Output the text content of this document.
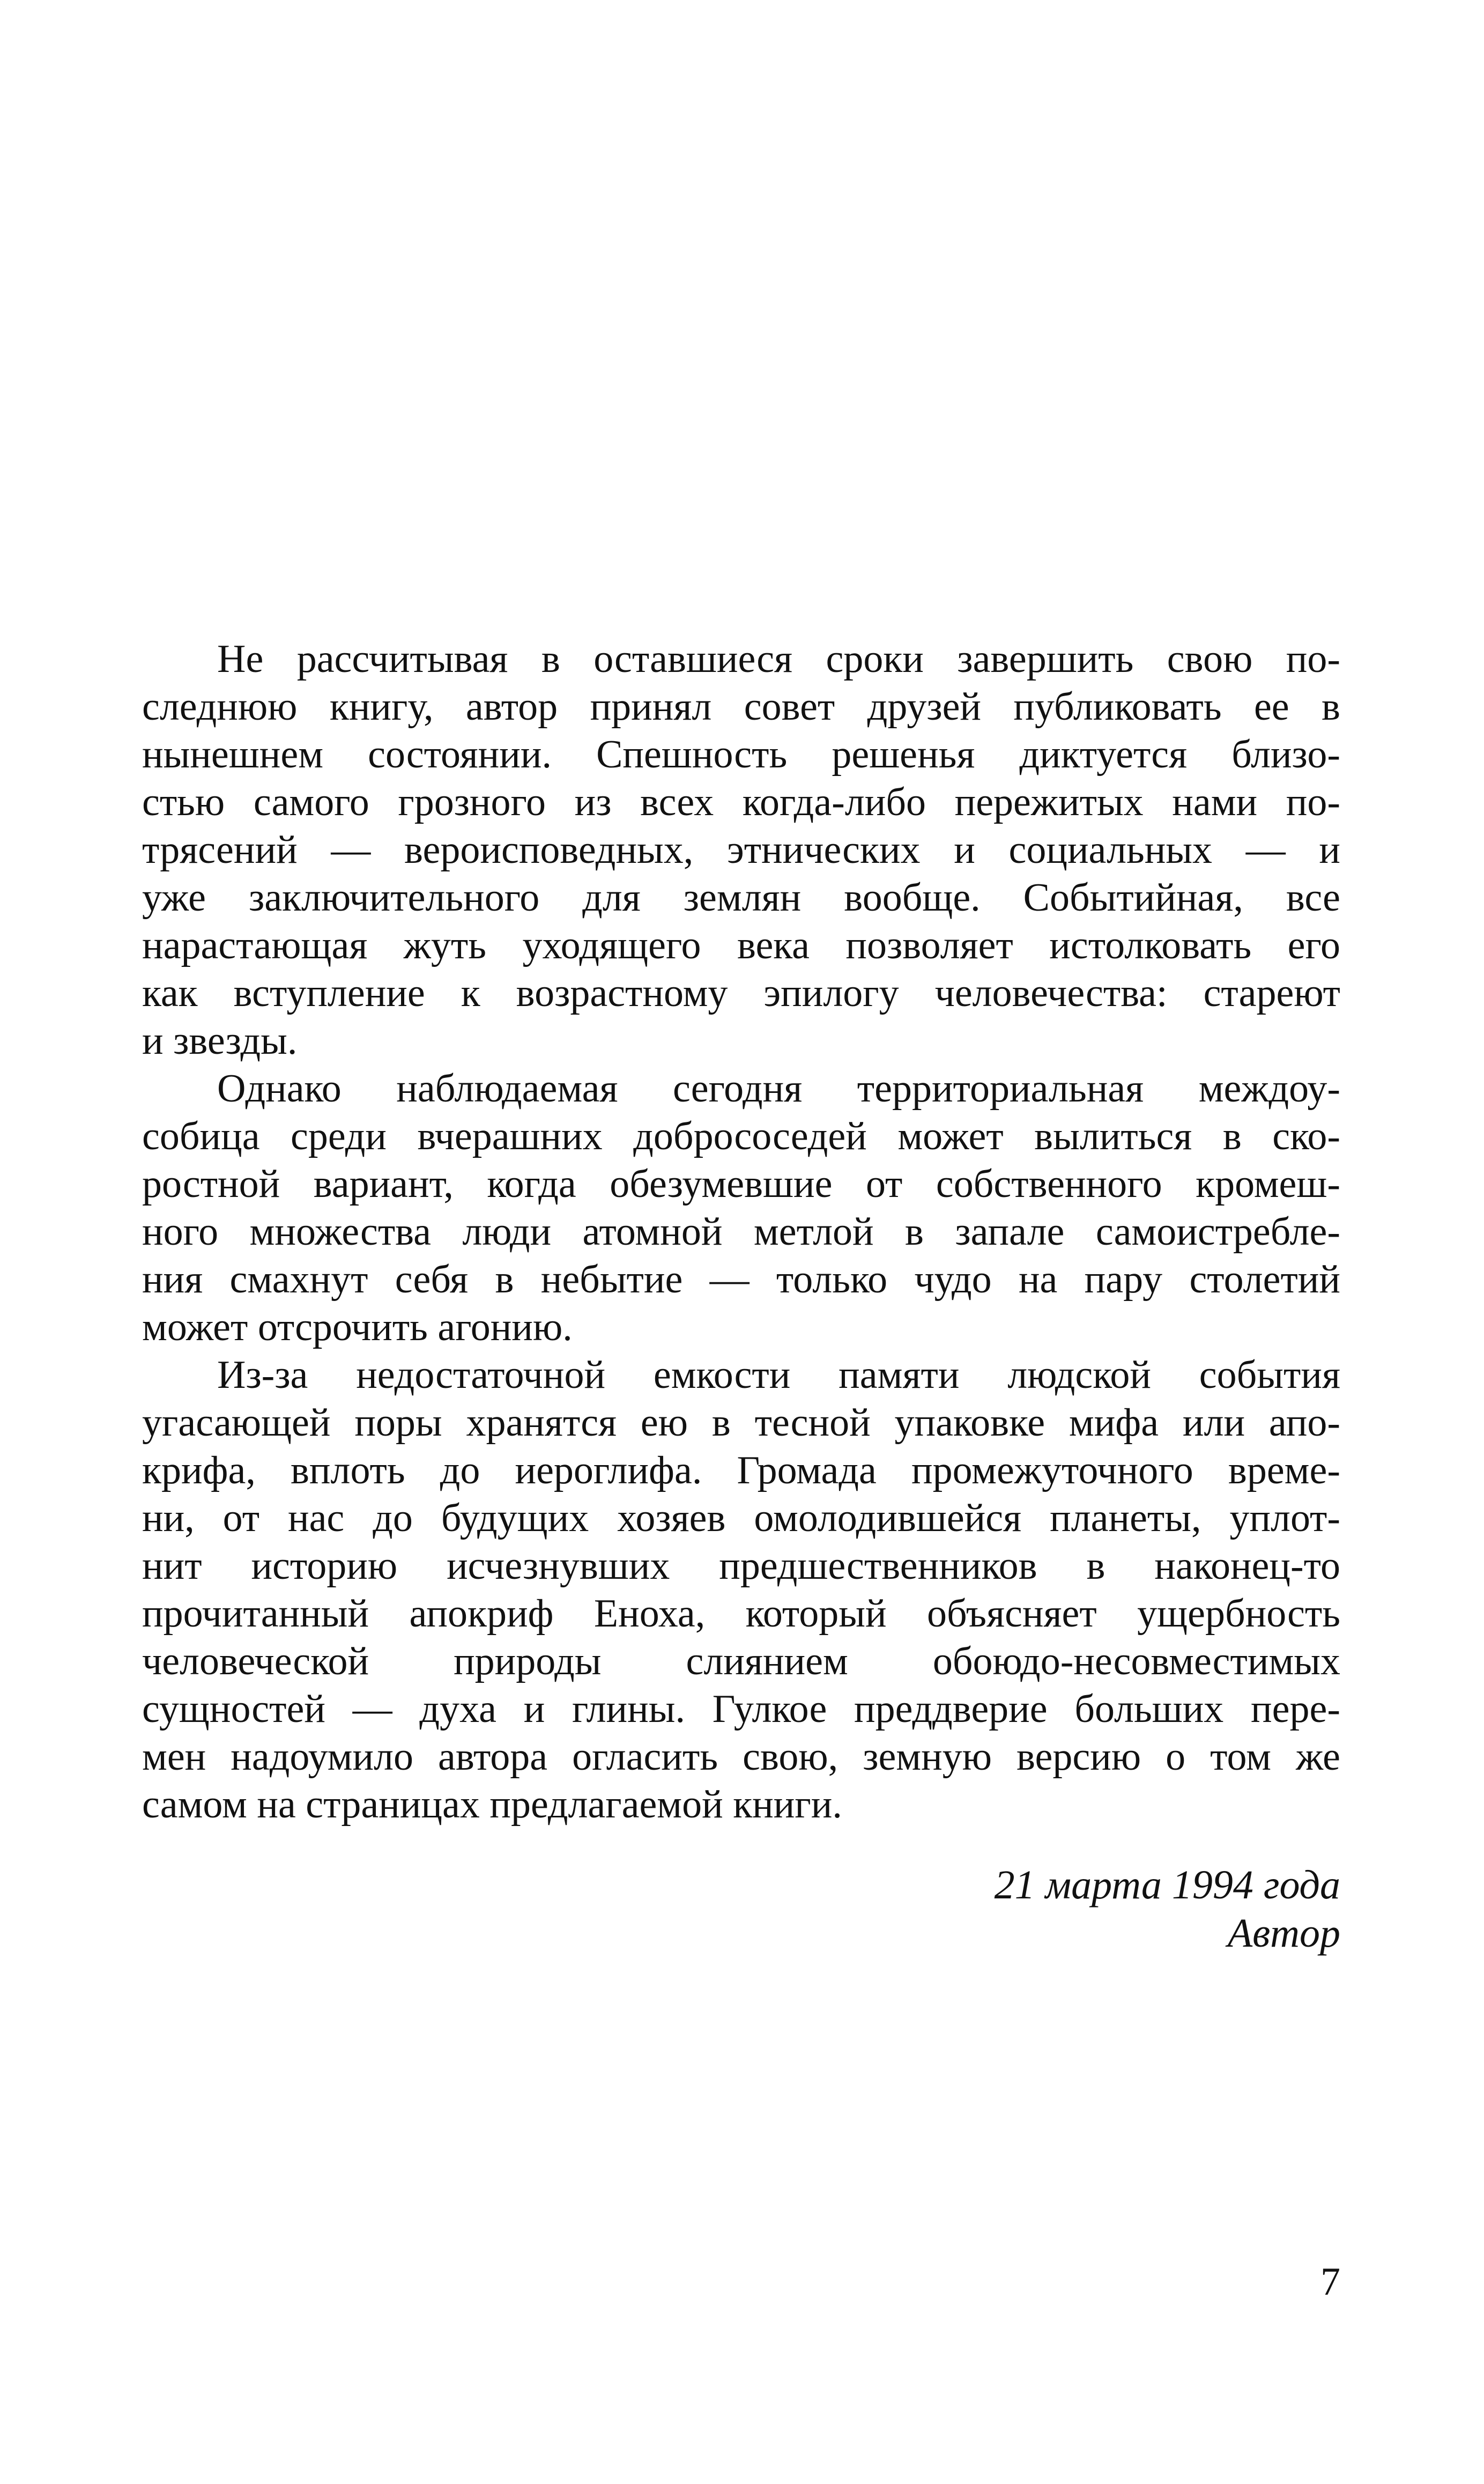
Не рассчитывая в оставшиеся сроки завершить свою по-
следнюю книгу, автор принял совет друзей публиковать ее в
нынешнем состоянии. Спешность решенья диктуется близо-
стью самого грозного из всех когда-либо пережитых нами по-
трясений — вероисповедных, этнических и социальных — и
уже заключительного для землян вообще. Событийная, все
нарастающая жуть уходящего века позволяет истолковать его
как вступление к возрастному эпилогу человечества: стареют
и звезды.
Однако наблюдаемая сегодня территориальная междоу-
собица среди вчерашних добрососедей может вылиться в ско-
ростной вариант, когда обезумевшие от собственного кромеш-
ного множества люди атомной метлой в запале самоистребле-
ния смахнут себя в небытие — только чудо на пару столетий
может отсрочить агонию.
Из-за недостаточной емкости памяти людской события
угасающей поры хранятся ею в тесной упаковке мифа или апо-
крифа, вплоть до иероглифа. Громада промежуточного време-
ни, от нас до будущих хозяев омолодившейся планеты, уплот-
нит историю исчезнувших предшественников в наконец-то
прочитанный апокриф Еноха, который объясняет ущербность
человеческой природы слиянием обоюдо-несовместимых
сущностей — духа и глины. Гулкое преддверие больших пере-
мен надоумило автора огласить свою, земную версию о том же
самом на страницах предлагаемой книги.
21 марта 1994 года
Автор
7
